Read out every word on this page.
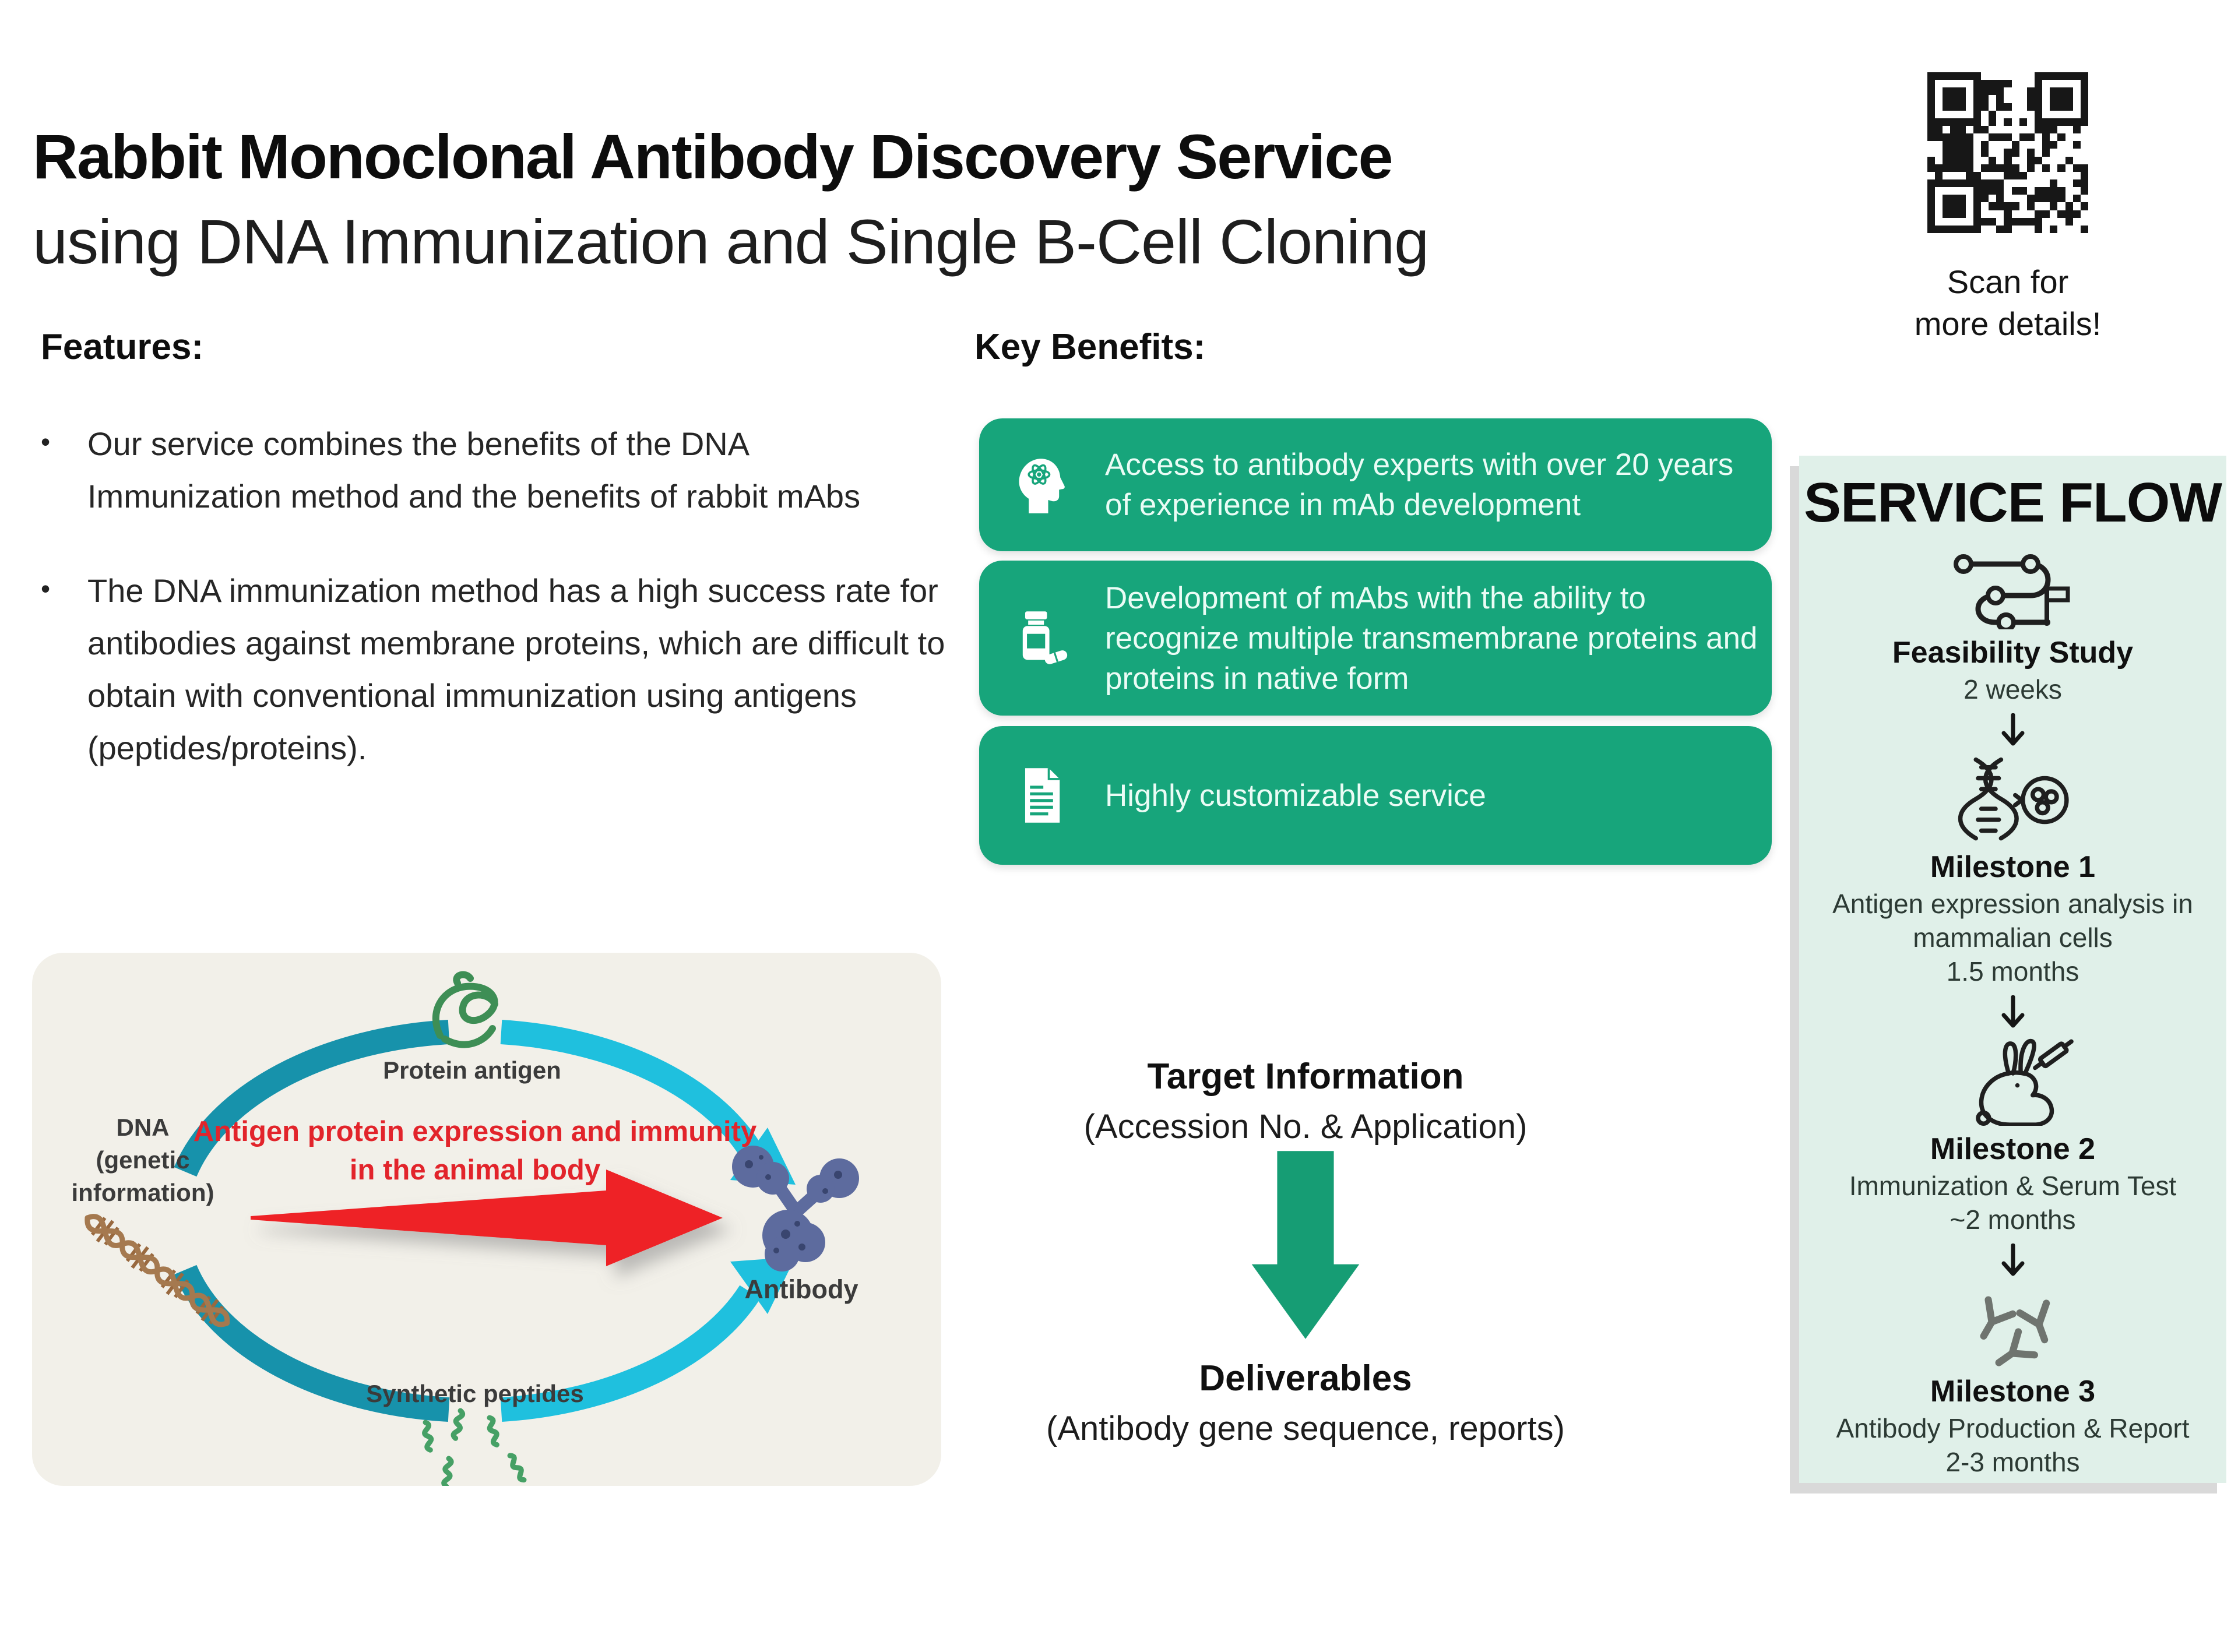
Rabbit Monoclonal Antibody Discovery Service
using DNA Immunization and Single B-Cell Cloning
Scan for
more details!
Features:
•

Our service combines the benefits of the DNA Immunization method and the benefits of rabbit mAbs

•

The DNA immunization method has a high success rate for antibodies against membrane proteins, which are difficult to obtain with conventional immunization using antigens (peptides/proteins).

Key Benefits:

Access to antibody experts with over 20 years of experience in mAb development

Development of mAbs with the ability to recognize multiple transmembrane proteins and proteins in native form

Highly customizable service

Protein antigen
DNA
(genetic information)
Antigen protein expression and immunity
in the animal body
Antibody
Synthetic peptides
Target Information
(Accession No. & Application)
Deliverables
(Antibody gene sequence, reports)
SERVICE FLOW
Feasibility Study
2 weeks
Milestone 1
Antigen expression analysis in
mammalian cells
1.5 months
Milestone 2
Immunization & Serum Test
~2 months
Milestone 3
Antibody Production & Report
2-3 months
